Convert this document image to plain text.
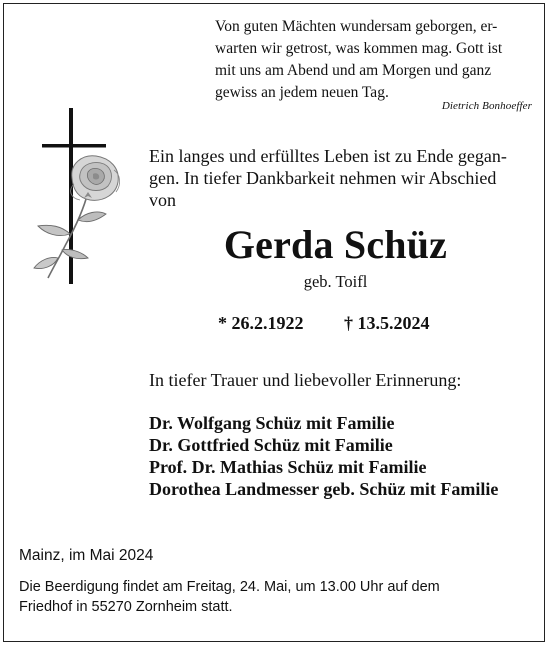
Von guten Mächten wundersam geborgen, er-
warten wir getrost, was kommen mag. Gott ist
mit uns am Abend und am Morgen und ganz
gewiss an jedem neuen Tag.
Dietrich Bonhoeffer
Ein langes und erfülltes Leben ist zu Ende gegan-
gen. In tiefer Dankbarkeit nehmen wir Abschied
von
Gerda Schüz
geb. Toifl
* 26.2.1922 † 13.5.2024
In tiefer Trauer und liebevoller Erinnerung:
Dr. Wolfgang Schüz mit Familie
Dr. Gottfried Schüz mit Familie
Prof. Dr. Mathias Schüz mit Familie
Dorothea Landmesser geb. Schüz mit Familie
Mainz, im Mai 2024
Die Beerdigung findet am Freitag, 24. Mai, um 13.00 Uhr auf dem
Friedhof in 55270 Zornheim statt.
